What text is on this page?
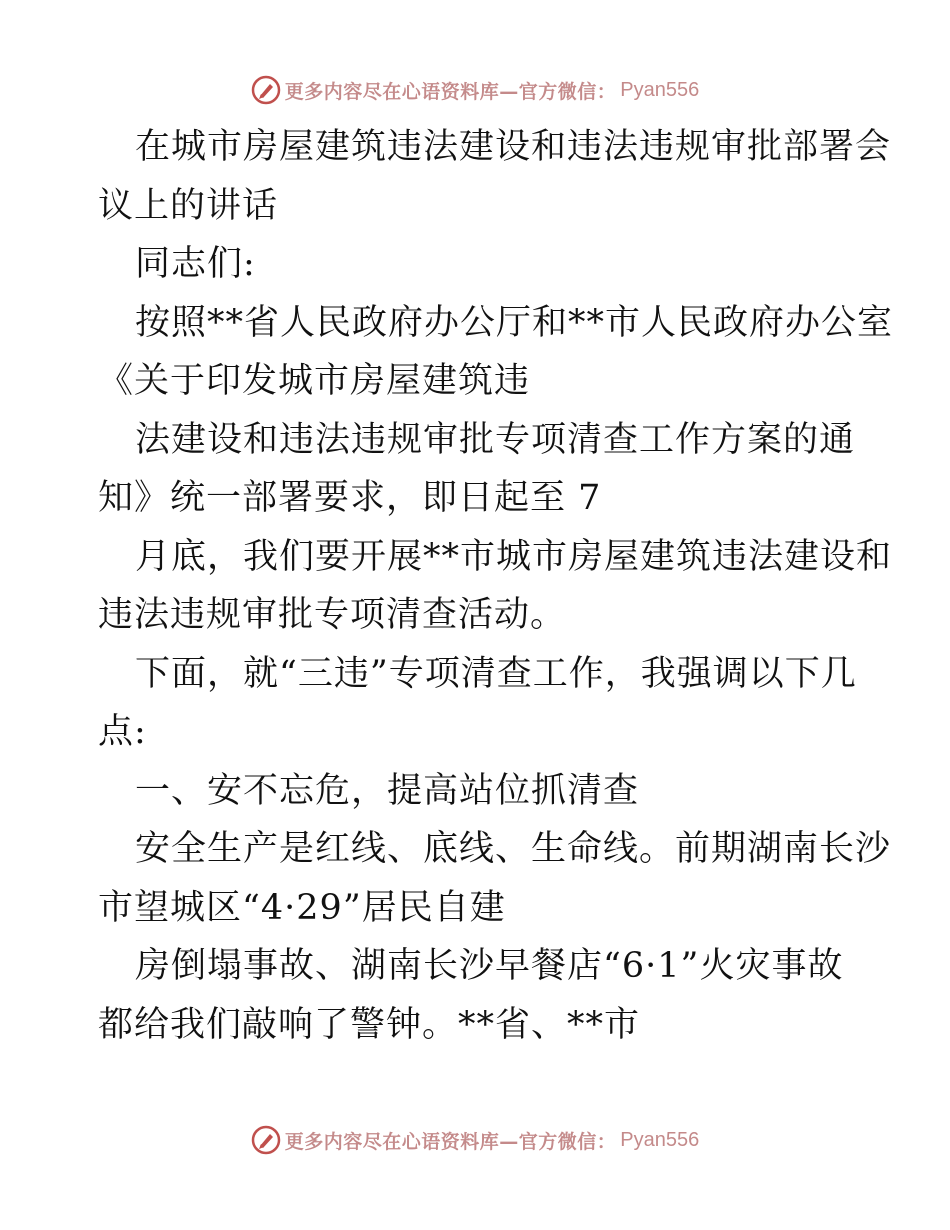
更多内容尽在心语资料库—官方微信： Pyan556
在城市房屋建筑违法建设和违法违规审批部署会
议上的讲话
同志们:
按照**省人民政府办公厅和**市人民政府办公室
《关于印发城市房屋建筑违
法建设和违法违规审批专项清查工作方案的通
知》统一部署要求，即日起至 7
月底，我们要开展**市城市房屋建筑违法建设和
违法违规审批专项清查活动。
下面，就“三违”专项清查工作，我强调以下几
点:
一、安不忘危，提高站位抓清查
安全生产是红线、底线、生命线。前期湖南长沙
市望城区“4·29”居民自建
房倒塌事故、湖南长沙早餐店“6·1”火灾事故
都给我们敲响了警钟。**省、**市
更多内容尽在心语资料库—官方微信： Pyan556
